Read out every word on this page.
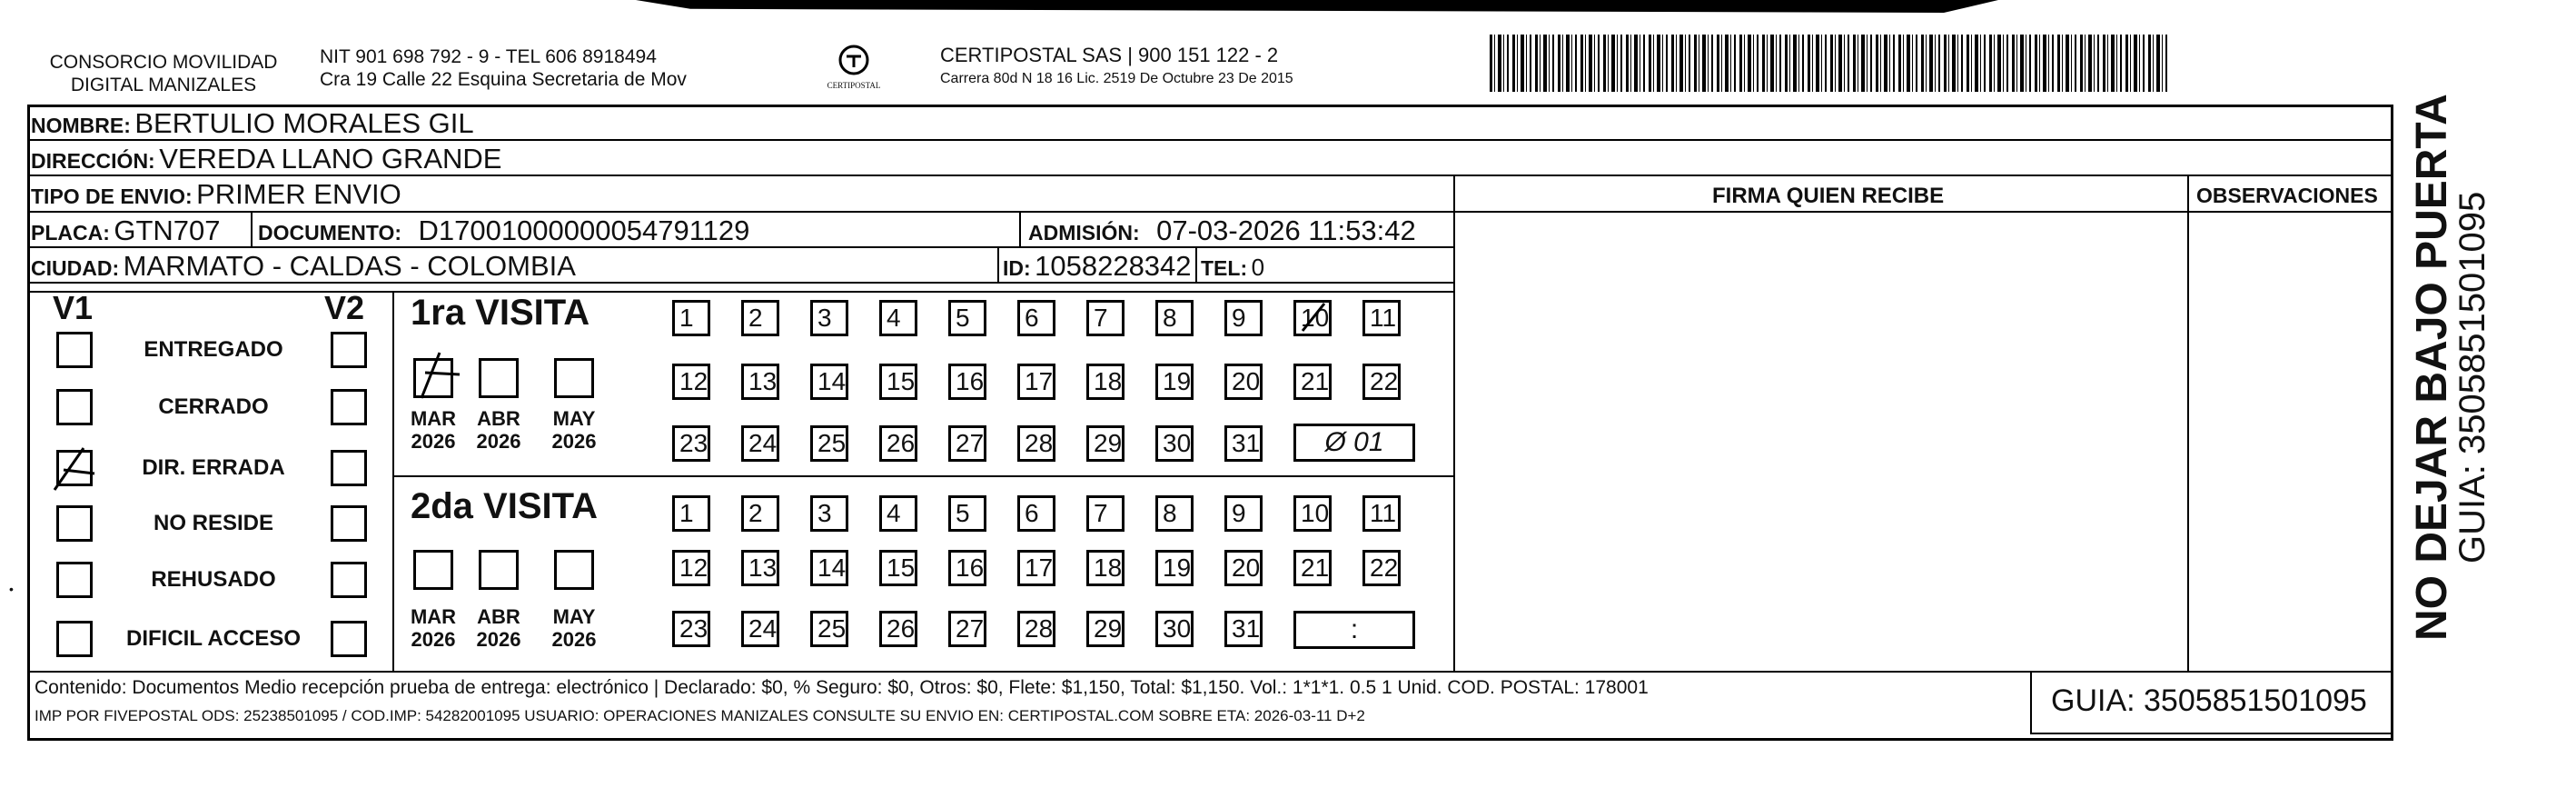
CONSORCIO MOVILIDAD
DIGITAL MANIZALES
NIT 901 698 792 - 9 - TEL 606 8918494
Cra 19 Calle 22 Esquina Secretaria de Mov	CERTIPOSTAL
CERTIPOSTAL SAS | 900 151 122 - 2
Carrera 80d N 18 16 Lic. 2519 De Octubre 23 De 2015
NOMBRE: BERTULIO MORALES GIL
DIRECCIÓN: VEREDA LLANO GRANDE
TIPO DE ENVIO: PRIMER ENVIO	FIRMA QUIEN RECIBE	OBSERVACIONES
PLACA: GTN707 DOCUMENTO: D17001000000054791129	ADMISIÓN: 07-03-2026 11:53:42
CIUDAD: MARMATO - CALDAS - COLOMBIA	ID: 1058228342 TEL: 0
V1	V2
ENTREGADO
CERRADO
DIR. ERRADA
NO RESIDE
REHUSADO
DIFICIL ACCESO
1ra VISITA
2da VISITA
1	2	3	4	5	6	7	8	9	10 11
12 13 14 15 16 17 18 19 20 21 22
23 24 25 26 27 28 29 30 31
1	2	3	4	5	6	7	8	9	10 11
12 13 14 15 16 17 18 19 20 21 22
23 24 25 26 27 28 29 30 31
Ø 01
:
MAR
2026
ABR
2026
MAY
2026
MAR
2026
ABR
2026
MAY
2026
Contenido: Documentos Medio recepción prueba de entrega: electrónico | Declarado: $0, % Seguro: $0, Otros: $0, Flete: $1,150, Total: $1,150. Vol.: 1*1*1. 0.5 1 Unid. COD. POSTAL: 178001
IMP POR FIVEPOSTAL ODS: 25238501095 / COD.IMP: 54282001095 USUARIO: OPERACIONES MANIZALES CONSULTE SU ENVIO EN: CERTIPOSTAL.COM SOBRE ETA: 2026-03-11 D+2	GUIA: 3505851501095
NO DEJAR BAJO PUERTA
GUIA: 3505851501095
•
